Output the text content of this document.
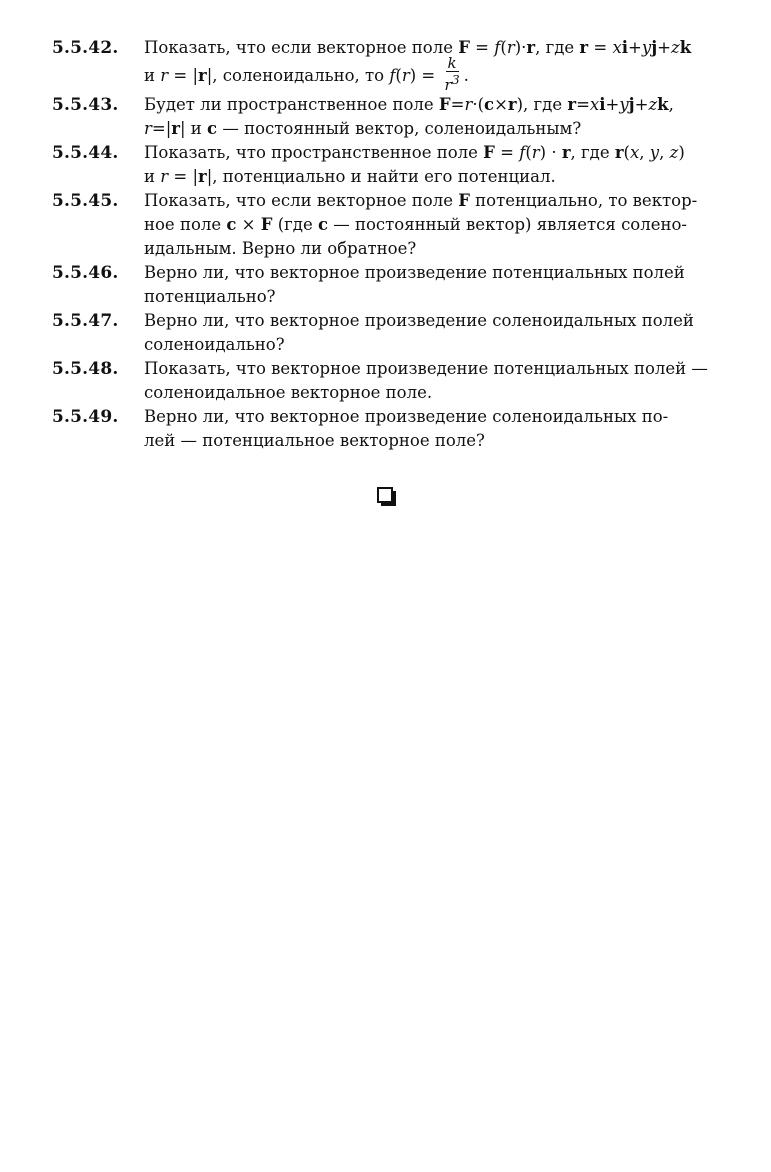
5.5.42.	Показать, что если векторное поле F = f(r)·r, где r = xi+yj+zk

и r = |r|, соленоидально, то $f(r) = \frac{k}{r^3}$ .

5.5.43.	Будет ли пространственное поле F=r·(c×r), где r=xi+yj+zk,

r=|r| и c — постоянный вектор, соленоидальным?

5.5.44.	Показать, что пространственное поле F = f(r) · r, где r(x, y, z)

и r = |r|, потенциально и найти его потенциал.

5.5.45.	Показать, что если векторное поле F потенциально, то вектор-

ное поле c × F (где c — постоянный вектор) является солено-

идальным. Верно ли обратное?

5.5.46.	Верно ли, что векторное произведение потенциальных полей

потенциально?

5.5.47.	Верно ли, что векторное произведение соленоидальных полей

соленоидально?

5.5.48.	Показать, что векторное произведение потенциальных полей —

соленоидальное векторное поле.

5.5.49.	Верно ли, что векторное произведение соленоидальных по-

лей — потенциальное векторное поле?
